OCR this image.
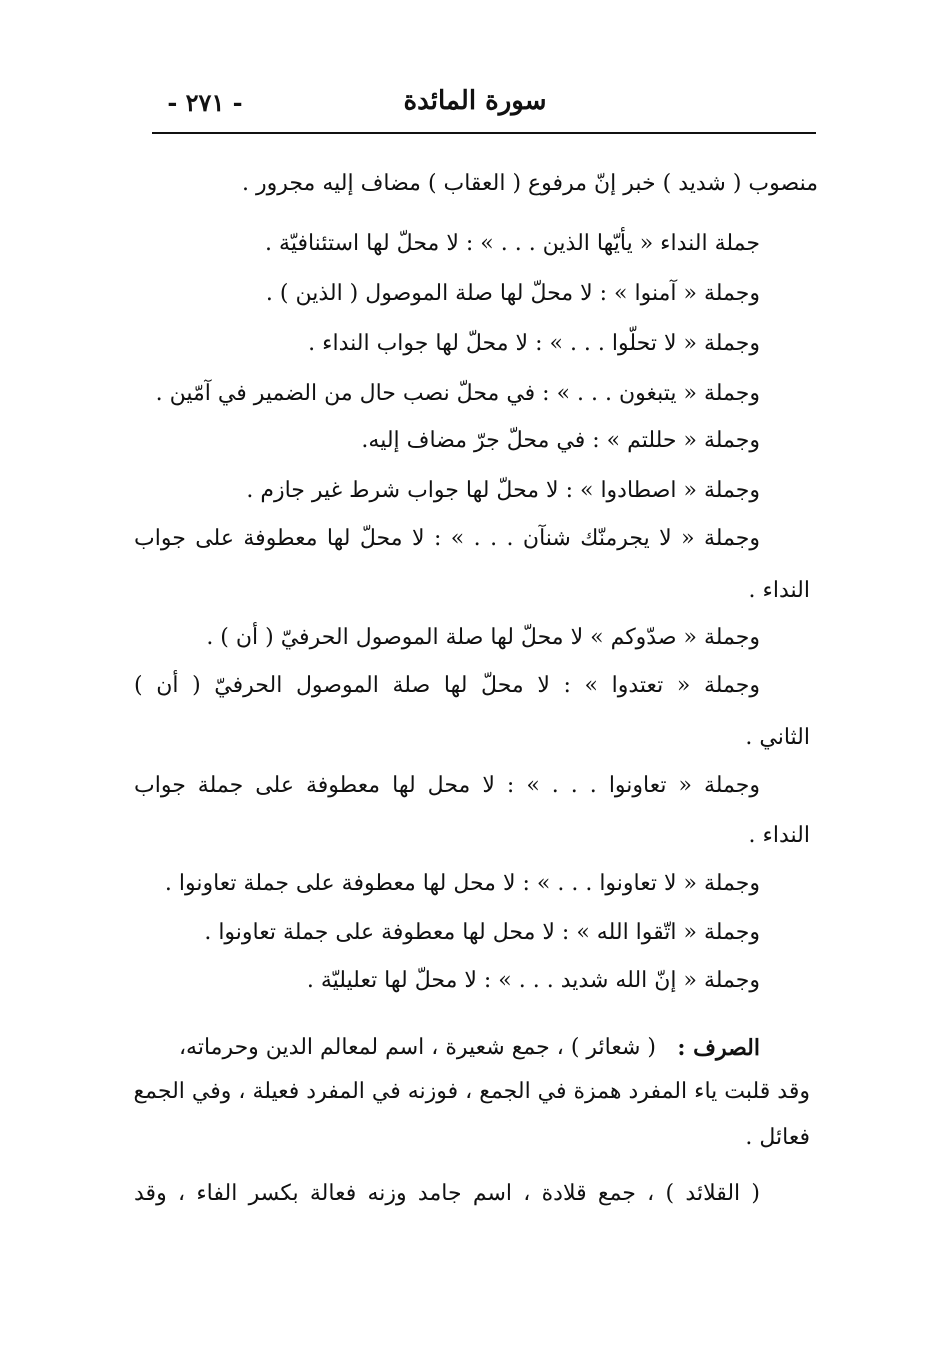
سورة المائدة
- ٢٧١ -
منصوب ( شديد ) خبر إنّ مرفوع ( العقاب ) مضاف إليه مجرور .
جملة النداء « يأيّها الذين . . . » : لا محلّ لها استئنافيّة .
وجملة « آمنوا » : لا محلّ لها صلة الموصول ( الذين ) .
وجملة « لا تحلّوا . . . » : لا محلّ لها جواب النداء .
وجملة « يتبغون . . . » : في محلّ نصب حال من الضمير في آمّين .
وجملة « حللتم » : في محلّ جرّ مضاف إليه.
وجملة « اصطادوا » : لا محلّ لها جواب شرط غير جازم .
وجملة « لا يجرمنّك شنآن . . . » : لا محلّ لها معطوفة على جواب
النداء .
وجملة « صدّوكم » لا محلّ لها صلة الموصول الحرفيّ ( أن ) .
وجملة « تعتدوا » : لا محلّ لها صلة الموصول الحرفيّ ( أن )
الثاني .
وجملة « تعاونوا . . . » : لا محل لها معطوفة على جملة جواب
النداء .
وجملة « لا تعاونوا . . . » : لا محل لها معطوفة على جملة تعاونوا .
وجملة « اتّقوا الله » : لا محل لها معطوفة على جملة تعاونوا .
وجملة « إنّ الله شديد . . . » : لا محلّ لها تعليليّة .
الصرف :
( شعائر ) ، جمع شعيرة ، اسم لمعالم الدين وحرماته،
وقد قلبت ياء المفرد همزة في الجمع ، فوزنه في المفرد فعيلة ، وفي الجمع
فعائل .
( القلائد ) ، جمع قلادة ، اسم جامد وزنه فعالة بكسر الفاء ، وقد
